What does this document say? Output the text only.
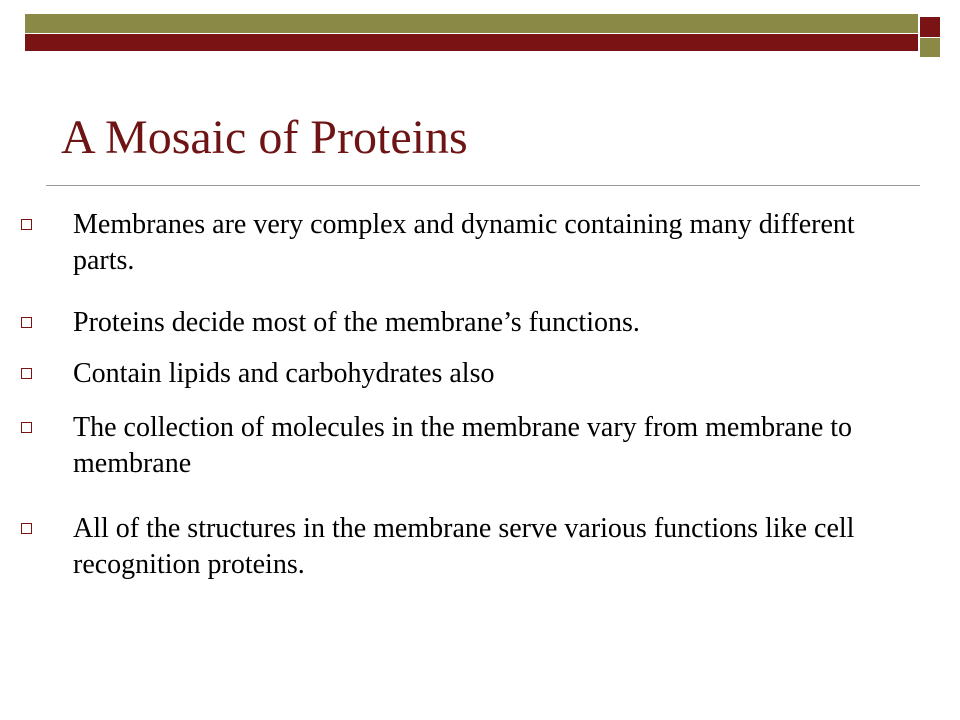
A Mosaic of Proteins
Membranes are very complex and dynamic containing many different parts.
Proteins decide most of the membrane’s functions.
Contain lipids and carbohydrates also
The collection of molecules in the membrane vary from membrane to membrane
All of the structures in the membrane serve various functions like cell recognition proteins.
